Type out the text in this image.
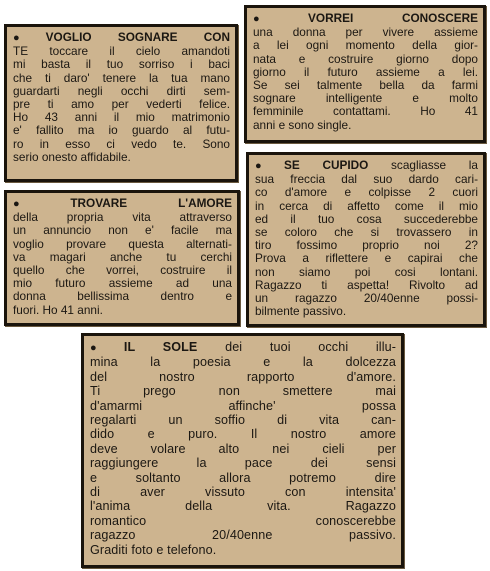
● VOGLIO SOGNARE CON
TE toccare il cielo amandoti
mi basta il tuo sorriso i baci
che ti daro' tenere la tua mano
guardarti negli occhi dirti sem-
pre ti amo per vederti felice.
Ho 43 anni il mio matrimonio
e' fallito ma io guardo al futu-
ro in esso ci vedo te. Sono
serio onesto affidabile.
● VORREI CONOSCERE
una donna per vivere assieme
a lei ogni momento della gior-
nata e costruire giorno dopo
giorno il futuro assieme a lei.
Se sei talmente bella da farmi
sognare intelligente e molto
femminile contattami. Ho 41
anni e sono single.
● SE CUPIDO scagliasse la
sua freccia dal suo dardo cari-
co d'amore e colpisse 2 cuori
in cerca di affetto come il mio
ed il tuo cosa succederebbe
se coloro che si trovassero in
tiro fossimo proprio noi 2?
Prova a riflettere e capirai che
non siamo poi cosi lontani.
Ragazzo ti aspetta! Rivolto ad
un ragazzo 20/40enne possi-
bilmente passivo.
● TROVARE L'AMORE
della propria vita attraverso
un annuncio non e' facile ma
voglio provare questa alternati-
va magari anche tu cerchi
quello che vorrei, costruire il
mio futuro assieme ad una
donna bellissima dentro e
fuori. Ho 41 anni.
● IL SOLE dei tuoi occhi illu-
mina la poesia e la dolcezza
del nostro rapporto d'amore.
Ti prego non smettere mai
d'amarmi affinche' possa
regalarti un soffio di vita can-
dido e puro. Il nostro amore
deve volare alto nei cieli per
raggiungere la pace dei sensi
e soltanto allora potremo dire
di aver vissuto con intensita'
l'anima della vita. Ragazzo
romantico conoscerebbe
ragazzo 20/40enne passivo.
Graditi foto e telefono.
